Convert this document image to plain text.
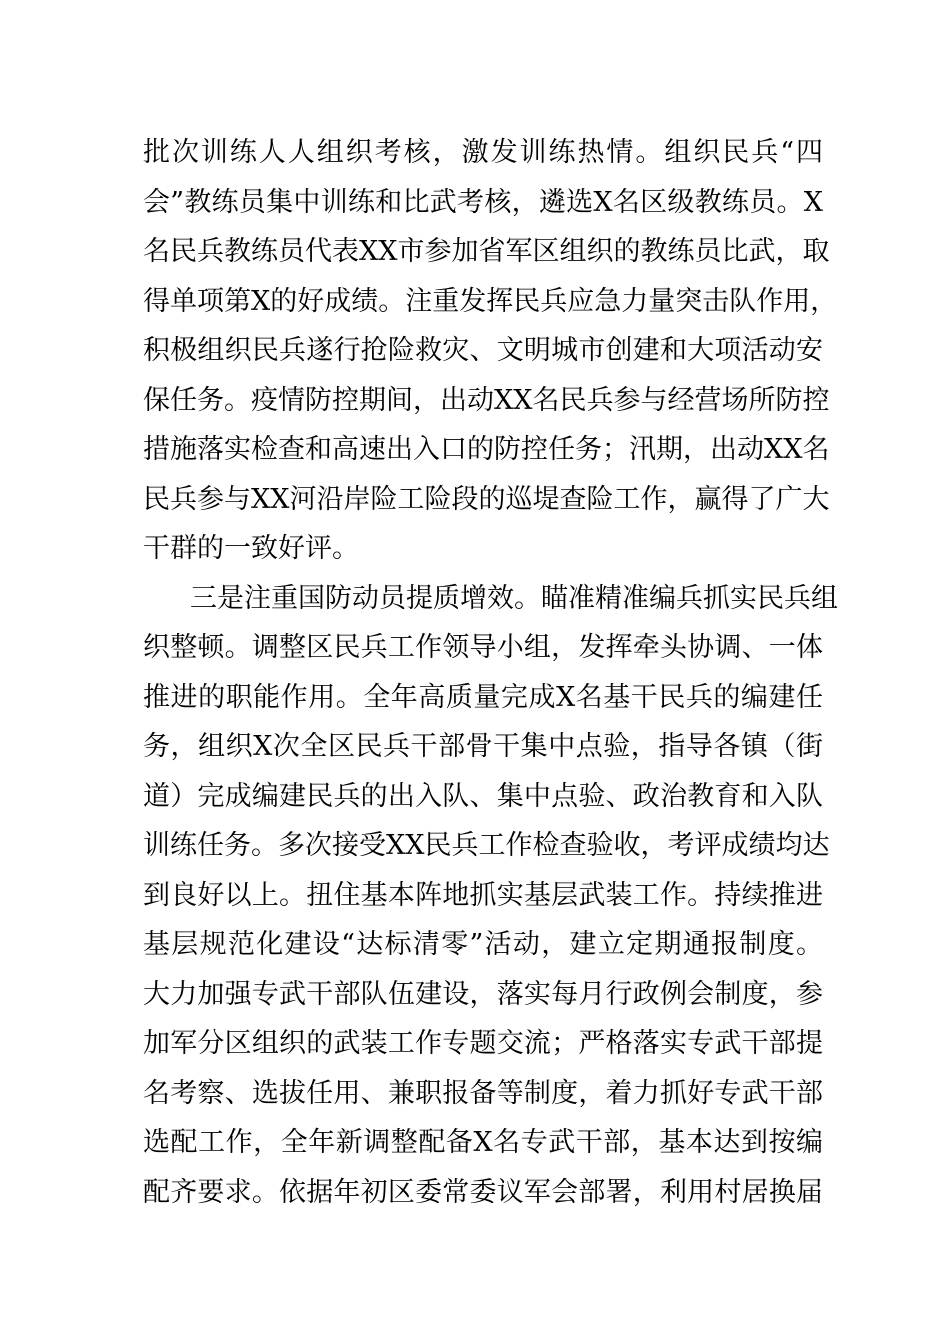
批次训练人人组织考核，激发训练热情。组织民兵“四
会”教练员集中训练和比武考核，遴选X名区级教练员。X
名民兵教练员代表XX市参加省军区组织的教练员比武，取
得单项第X的好成绩。注重发挥民兵应急力量突击队作用，
积极组织民兵遂行抢险救灾、文明城市创建和大项活动安
保任务。疫情防控期间，出动XX名民兵参与经营场所防控
措施落实检查和高速出入口的防控任务；汛期，出动XX名
民兵参与XX河沿岸险工险段的巡堤查险工作，赢得了广大
干群的一致好评。
三是注重国防动员提质增效。瞄准精准编兵抓实民兵组
织整顿。调整区民兵工作领导小组，发挥牵头协调、一体
推进的职能作用。全年高质量完成X名基干民兵的编建任
务，组织X次全区民兵干部骨干集中点验，指导各镇（街
道）完成编建民兵的出入队、集中点验、政治教育和入队
训练任务。多次接受XX民兵工作检查验收，考评成绩均达
到良好以上。扭住基本阵地抓实基层武装工作。持续推进
基层规范化建设“达标清零”活动，建立定期通报制度。
大力加强专武干部队伍建设，落实每月行政例会制度，参
加军分区组织的武装工作专题交流；严格落实专武干部提
名考察、选拔任用、兼职报备等制度，着力抓好专武干部
选配工作，全年新调整配备X名专武干部，基本达到按编
配齐要求。依据年初区委常委议军会部署，利用村居换届
